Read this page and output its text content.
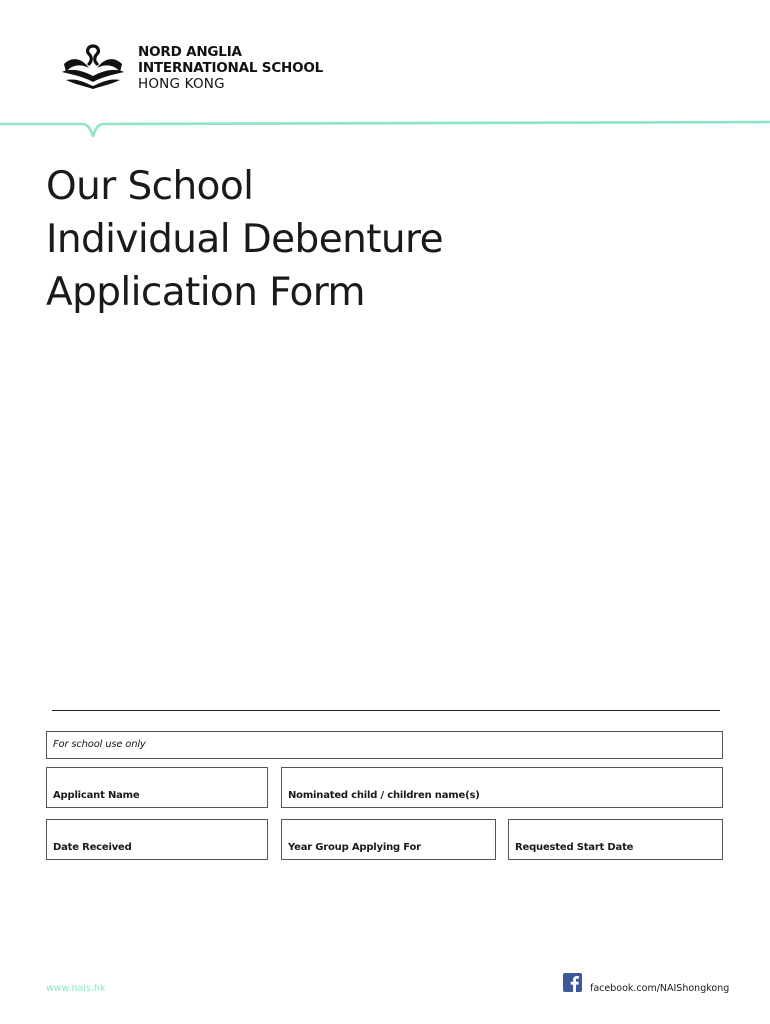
NORD ANGLIA
INTERNATIONAL SCHOOL
HONG KONG
Our School
Individual Debenture
Application Form
For school use only
Applicant Name	Nominated child / children name(s)
Date Received	Year Group Applying For	Requested Start Date
www.nais.hk	facebook.com/NAIShongkong
